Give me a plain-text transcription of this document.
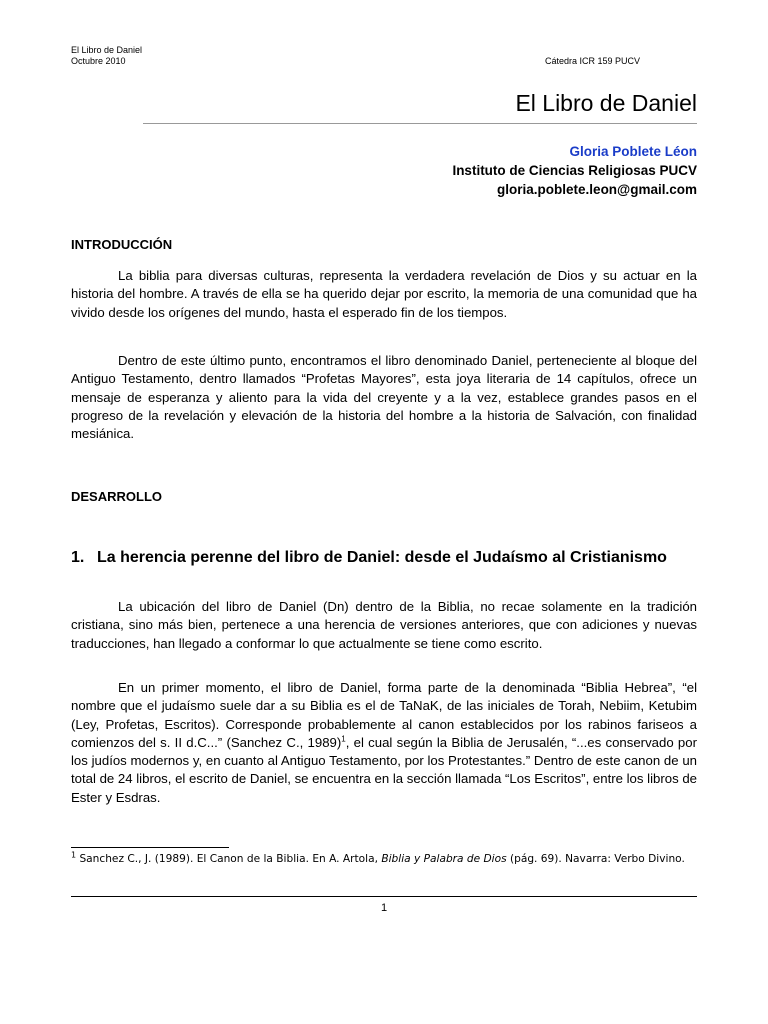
El Libro de Daniel
Octubre 2010	Cátedra ICR 159 PUCV
El Libro de Daniel
Gloria Poblete Léon
Instituto de Ciencias Religiosas PUCV
gloria.poblete.leon@gmail.com
INTRODUCCIÓN

La biblia para diversas culturas, representa la verdadera revelación de Dios y su actuar en la historia del hombre. A través de ella se ha querido dejar por escrito, la memoria de una comunidad que ha vivido desde los orígenes del mundo, hasta el esperado fin de los tiempos.

Dentro de este último punto, encontramos el libro denominado Daniel, perteneciente al bloque del Antiguo Testamento, dentro llamados “Profetas Mayores”, esta joya literaria de 14 capítulos, ofrece un mensaje de esperanza y aliento para la vida del creyente y a la vez, establece grandes pasos en el progreso de la revelación y elevación de la historia del hombre a la historia de Salvación, con finalidad mesiánica.

DESARROLLO
1. La herencia perenne del libro de Daniel: desde el Judaísmo al Cristianismo

La ubicación del libro de Daniel (Dn) dentro de la Biblia, no recae solamente en la tradición cristiana, sino más bien, pertenece a una herencia de versiones anteriores, que con adiciones y nuevas traducciones, han llegado a conformar lo que actualmente se tiene como escrito.

En un primer momento, el libro de Daniel, forma parte de la denominada “Biblia Hebrea”, “el nombre que el judaísmo suele dar a su Biblia es el de TaNaK, de las iniciales de Torah, Nebiim, Ketubim (Ley, Profetas, Escritos). Corresponde probablemente al canon establecidos por los rabinos fariseos a comienzos del s. II d.C...” (Sanchez C., 1989)$^1$, el cual según la Biblia de Jerusalén, “...es conservado por los judíos modernos y, en cuanto al Antiguo Testamento, por los Protestantes.” Dentro de este canon de un total de 24 libros, el escrito de Daniel, se encuentra en la sección llamada “Los Escritos”, entre los libros de Ester y Esdras.

$^1$ Sanchez C., J. (1989). El Canon de la Biblia. En A. Artola, Biblia y Palabra de Dios (pág. 69). Navarra: Verbo Divino.
1
